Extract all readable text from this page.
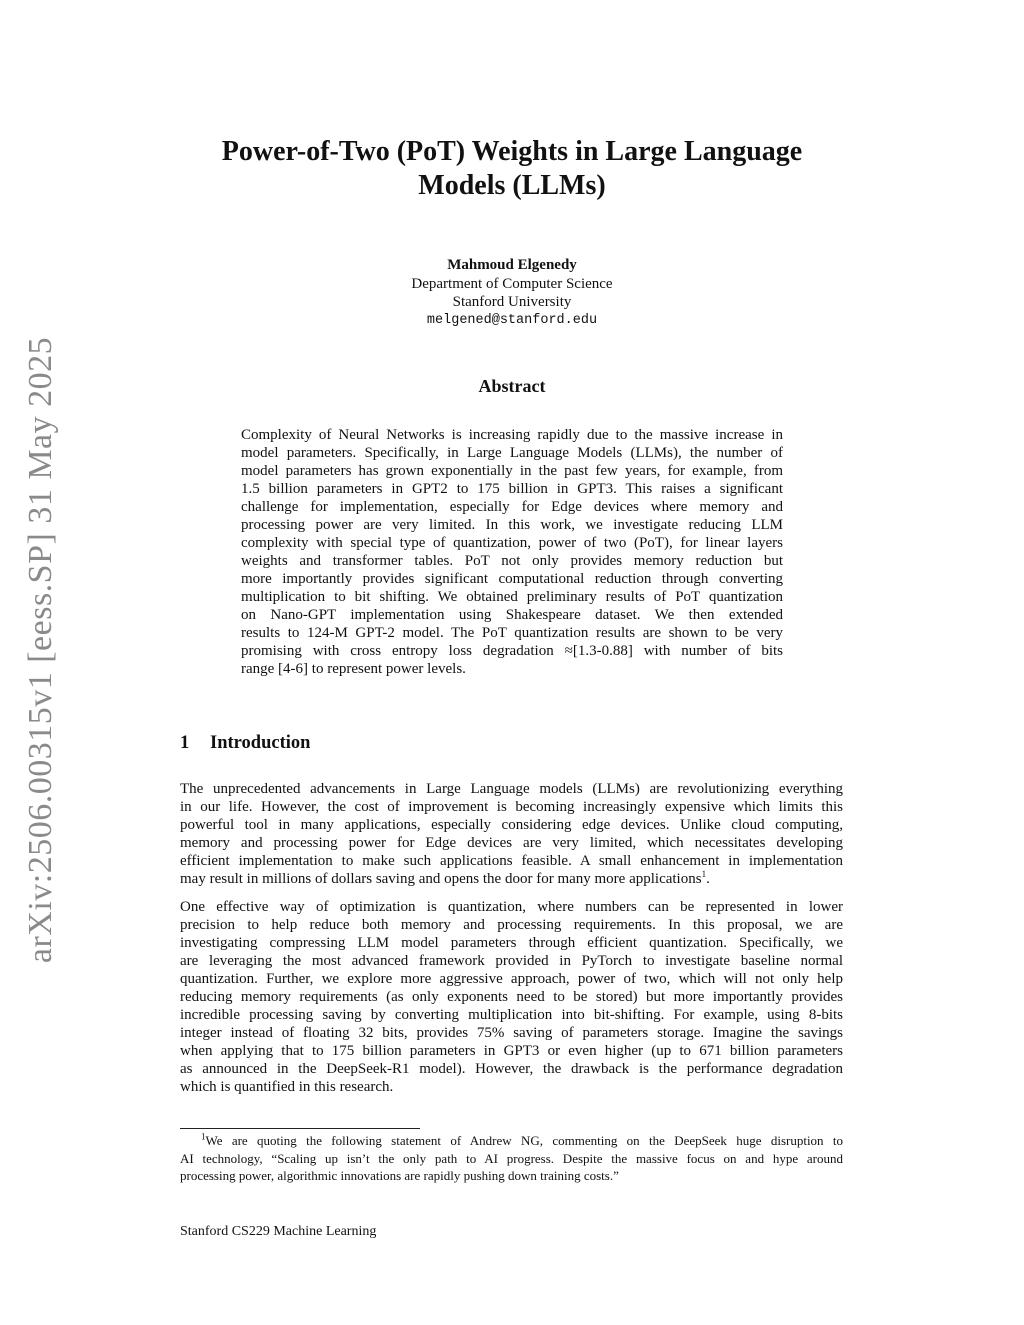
arXiv:2506.00315v1 [eess.SP] 31 May 2025
Power-of-Two (PoT) Weights in Large Language
Models (LLMs)
Mahmoud Elgenedy
Department of Computer Science
Stanford University
melgened@stanford.edu
Abstract
Complexity of Neural Networks is increasing rapidly due to the massive increase in
model parameters. Specifically, in Large Language Models (LLMs), the number of
model parameters has grown exponentially in the past few years, for example, from
1.5 billion parameters in GPT2 to 175 billion in GPT3. This raises a significant
challenge for implementation, especially for Edge devices where memory and
processing power are very limited. In this work, we investigate reducing LLM
complexity with special type of quantization, power of two (PoT), for linear layers
weights and transformer tables. PoT not only provides memory reduction but
more importantly provides significant computational reduction through converting
multiplication to bit shifting. We obtained preliminary results of PoT quantization
on Nano-GPT implementation using Shakespeare dataset. We then extended
results to 124-M GPT-2 model. The PoT quantization results are shown to be very
promising with cross entropy loss degradation ≈[1.3-0.88] with number of bits
range [4-6] to represent power levels.
1 Introduction
The unprecedented advancements in Large Language models (LLMs) are revolutionizing everything
in our life. However, the cost of improvement is becoming increasingly expensive which limits this
powerful tool in many applications, especially considering edge devices. Unlike cloud computing,
memory and processing power for Edge devices are very limited, which necessitates developing
efficient implementation to make such applications feasible. A small enhancement in implementation
may result in millions of dollars saving and opens the door for many more applications$^1$.
One effective way of optimization is quantization, where numbers can be represented in lower
precision to help reduce both memory and processing requirements. In this proposal, we are
investigating compressing LLM model parameters through efficient quantization. Specifically, we
are leveraging the most advanced framework provided in PyTorch to investigate baseline normal
quantization. Further, we explore more aggressive approach, power of two, which will not only help
reducing memory requirements (as only exponents need to be stored) but more importantly provides
incredible processing saving by converting multiplication into bit-shifting. For example, using 8-bits
integer instead of floating 32 bits, provides 75% saving of parameters storage. Imagine the savings
when applying that to 175 billion parameters in GPT3 or even higher (up to 671 billion parameters
as announced in the DeepSeek-R1 model). However, the drawback is the performance degradation
which is quantified in this research.
$^1$We are quoting the following statement of Andrew NG, commenting on the DeepSeek huge disruption to
AI technology, “Scaling up isn’t the only path to AI progress. Despite the massive focus on and hype around
processing power, algorithmic innovations are rapidly pushing down training costs.”
Stanford CS229 Machine Learning
